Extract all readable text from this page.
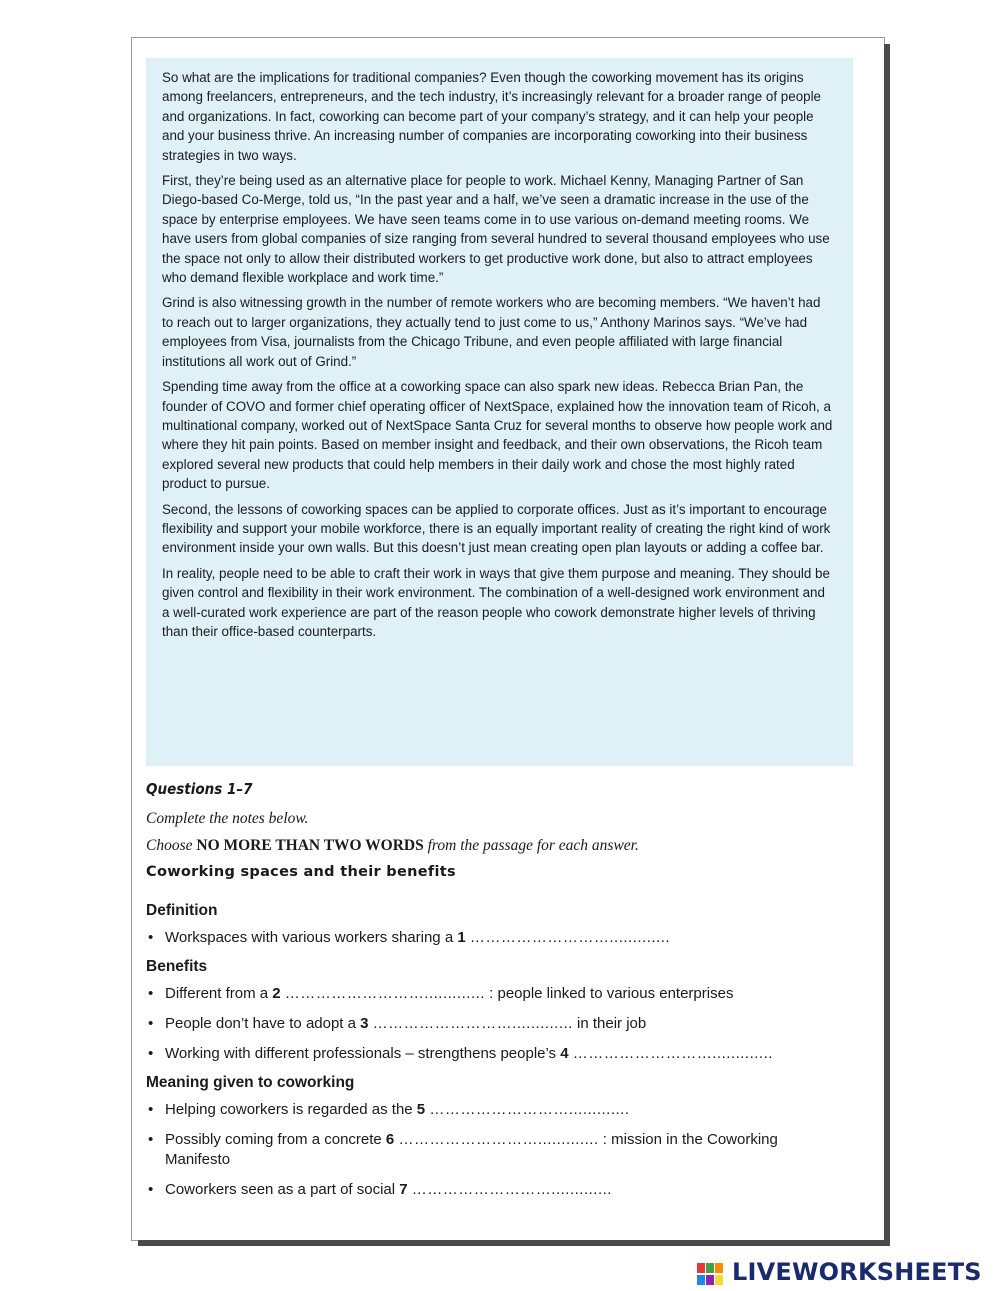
So what are the implications for traditional companies? Even though the coworking movement has its origins among freelancers, entrepreneurs, and the tech industry, it’s increasingly relevant for a broader range of people and organizations. In fact, coworking can become part of your company’s strategy, and it can help your people and your business thrive. An increasing number of companies are incorporating coworking into their business strategies in two ways.

First, they’re being used as an alternative place for people to work. Michael Kenny, Managing Partner of San Diego-based Co-Merge, told us, “In the past year and a half, we’ve seen a dramatic increase in the use of the space by enterprise employees. We have seen teams come in to use various on-demand meeting rooms. We have users from global companies of size ranging from several hundred to several thousand employees who use the space not only to allow their distributed workers to get productive work done, but also to attract employees who demand flexible workplace and work time.”

Grind is also witnessing growth in the number of remote workers who are becoming members. “We haven’t had to reach out to larger organizations, they actually tend to just come to us,” Anthony Marinos says. “We’ve had employees from Visa, journalists from the Chicago Tribune, and even people affiliated with large financial institutions all work out of Grind.”

Spending time away from the office at a coworking space can also spark new ideas. Rebecca Brian Pan, the founder of COVO and former chief operating officer of NextSpace, explained how the innovation team of Ricoh, a multinational company, worked out of NextSpace Santa Cruz for several months to observe how people work and where they hit pain points. Based on member insight and feedback, and their own observations, the Ricoh team explored several new products that could help members in their daily work and chose the most highly rated product to pursue.

Second, the lessons of coworking spaces can be applied to corporate offices. Just as it’s important to encourage flexibility and support your mobile workforce, there is an equally important reality of creating the right kind of work environment inside your own walls. But this doesn’t just mean creating open plan layouts or adding a coffee bar.

In reality, people need to be able to craft their work in ways that give them purpose and meaning. They should be given control and flexibility in their work environment. The combination of a well-designed work environment and a well-curated work experience are part of the reason people who cowork demonstrate higher levels of thriving than their office-based counterparts.

Questions 1–7
Complete the notes below.
Choose NO MORE THAN TWO WORDS from the passage for each answer.
Coworking spaces and their benefits
Definition
• Workspaces with various workers sharing a 1 ……………………….............
Benefits
• Different from a 2 ………………………............. : people linked to various enterprises
• People don’t have to adopt a 3 ………………………............. in their job
• Working with different professionals – strengthens people’s 4 ……………………….............
Meaning given to coworking
• Helping coworkers is regarded as the 5 ……………………….............
• Possibly coming from a concrete 6 ………………………............. : mission in the Coworking Manifesto
• Coworkers seen as a part of social 7 ……………………….............
LIVEWORKSHEETS
